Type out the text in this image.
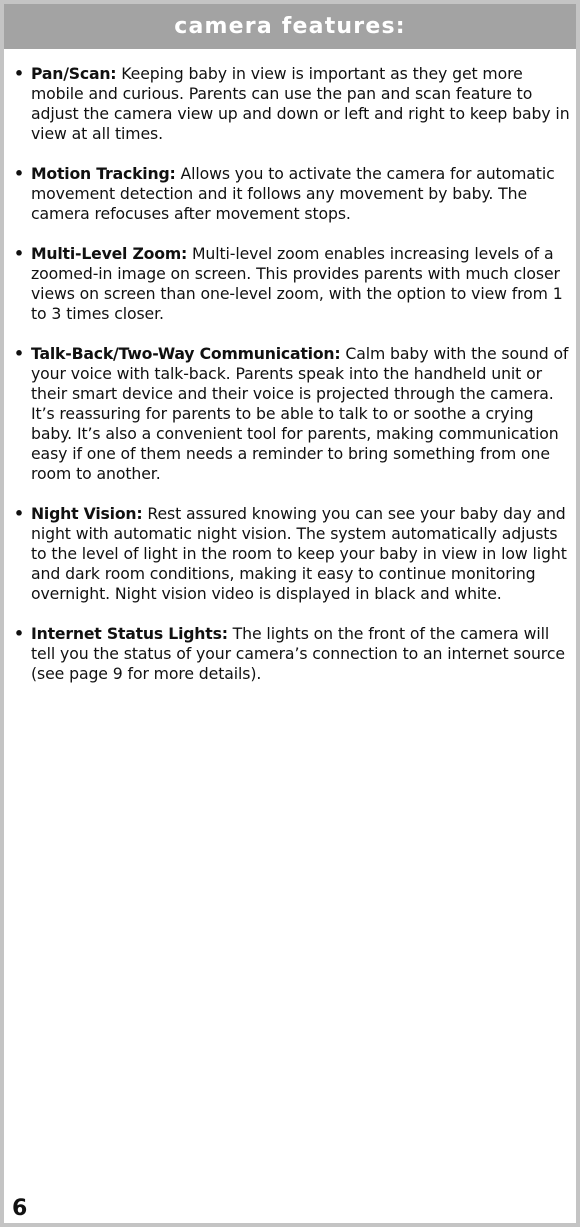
camera features:
• Pan/Scan: Keeping baby in view is important as they get more mobile and curious. Parents can use the pan and scan feature to adjust the camera view up and down or left and right to keep baby in view at all times.
• Motion Tracking: Allows you to activate the camera for automatic movement detection and it follows any movement by baby. The camera refocuses after movement stops.
• Multi-Level Zoom: Multi-level zoom enables increasing levels of a zoomed-in image on screen. This provides parents with much closer views on screen than one-level zoom, with the option to view from 1 to 3 times closer.
• Talk-Back/Two-Way Communication: Calm baby with the sound of your voice with talk-back. Parents speak into the handheld unit or their smart device and their voice is projected through the camera. It’s reassuring for parents to be able to talk to or soothe a crying baby. It’s also a convenient tool for parents, making communication easy if one of them needs a reminder to bring something from one room to another.
• Night Vision: Rest assured knowing you can see your baby day and night with automatic night vision. The system automatically adjusts to the level of light in the room to keep your baby in view in low light and dark room conditions, making it easy to continue monitoring overnight. Night vision video is displayed in black and white.
• Internet Status Lights: The lights on the front of the camera will tell you the status of your camera’s connection to an internet source (see page 9 for more details).
6
